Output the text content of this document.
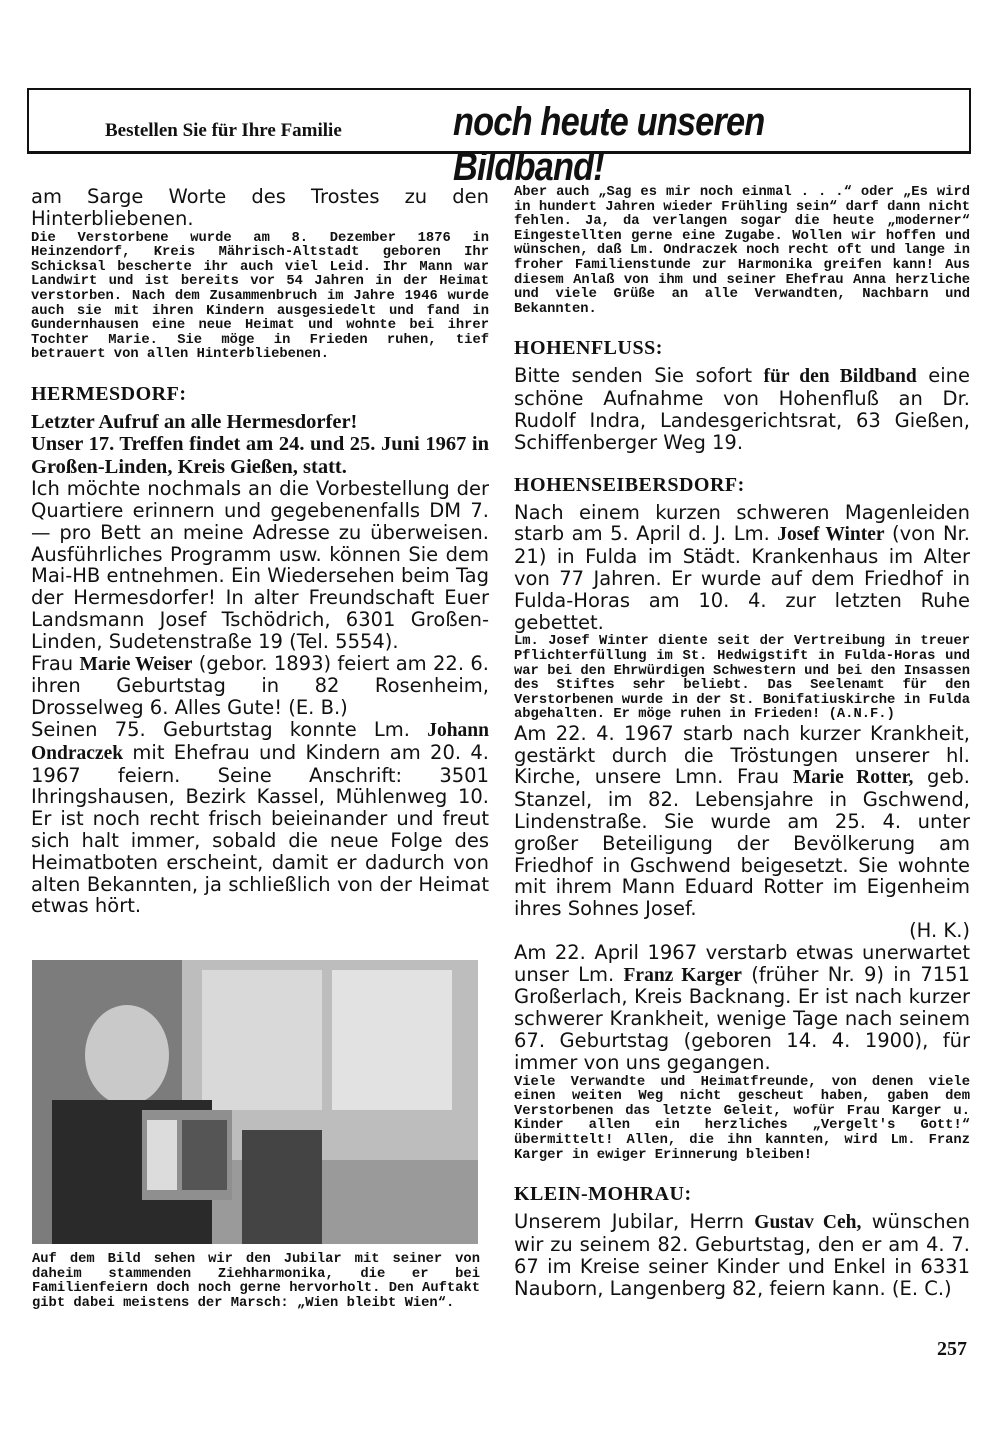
Bestellen Sie für Ihre Familie	noch heute unseren Bildband!

am Sarge Worte des Trostes zu den Hinterbliebenen.

Die Verstorbene wurde am 8. Dezember 1876 in Heinzendorf, Kreis Mährisch-Altstadt geboren Ihr Schicksal bescherte ihr auch viel Leid. Ihr Mann war Landwirt und ist bereits vor 54 Jahren in der Heimat verstorben. Nach dem Zusammenbruch im Jahre 1946 wurde auch sie mit ihren Kindern ausgesiedelt und fand in Gundernhausen eine neue Heimat und wohnte bei ihrer Tochter Marie. Sie möge in Frieden ruhen, tief betrauert von allen Hinterbliebenen.

HERMESDORF:

Letzter Aufruf an alle Hermesdorfer!

Unser 17. Treffen findet am 24. und 25. Juni 1967 in Großen-Linden, Kreis Gießen, statt.

Ich möchte nochmals an die Vorbestellung der Quartiere erinnern und gegebenenfalls DM 7.— pro Bett an meine Adresse zu überweisen. Ausführliches Programm usw. können Sie dem Mai-HB entnehmen. Ein Wiedersehen beim Tag der Hermesdorfer! In alter Freundschaft Euer Landsmann Josef Tschödrich, 6301 Großen-Linden, Sudetenstraße 19 (Tel. 5554).

Frau Marie Weiser (gebor. 1893) feiert am 22. 6. ihren Geburtstag in 82 Rosenheim, Drosselweg 6. Alles Gute! (E. B.)

Seinen 75. Geburtstag konnte Lm. Johann Ondraczek mit Ehefrau und Kindern am 20. 4. 1967 feiern. Seine Anschrift: 3501 Ihringshausen, Bezirk Kassel, Mühlenweg 10. Er ist noch recht frisch beieinander und freut sich halt immer, sobald die neue Folge des Heimatboten erscheint, damit er dadurch von alten Bekannten, ja schließlich von der Heimat etwas hört.

Auf dem Bild sehen wir den Jubilar mit seiner von daheim stammenden Ziehharmonika, die er bei Familienfeiern doch noch gerne hervorholt. Den Auftakt gibt dabei meistens der Marsch: „Wien bleibt Wien“.

Aber auch „Sag es mir noch einmal . . .“ oder „Es wird in hundert Jahren wieder Frühling sein“ darf dann nicht fehlen. Ja, da verlangen sogar die heute „moderner“ Eingestellten gerne eine Zugabe. Wollen wir hoffen und wünschen, daß Lm. Ondraczek noch recht oft und lange in froher Familienstunde zur Harmonika greifen kann! Aus diesem Anlaß von ihm und seiner Ehefrau Anna herzliche und viele Grüße an alle Verwandten, Nachbarn und Bekannten.

HOHENFLUSS:

Bitte senden Sie sofort für den Bildband eine schöne Aufnahme von Hohenfluß an Dr. Rudolf Indra, Landesgerichtsrat, 63 Gießen, Schiffenberger Weg 19.

HOHENSEIBERSDORF:

Nach einem kurzen schweren Magenleiden starb am 5. April d. J. Lm. Josef Winter (von Nr. 21) in Fulda im Städt. Krankenhaus im Alter von 77 Jahren. Er wurde auf dem Friedhof in Fulda-Horas am 10. 4. zur letzten Ruhe gebettet.

Lm. Josef Winter diente seit der Vertreibung in treuer Pflichterfüllung im St. Hedwigstift in Fulda-Horas und war bei den Ehrwürdigen Schwestern und bei den Insassen des Stiftes sehr beliebt. Das Seelenamt für den Verstorbenen wurde in der St. Bonifatiuskirche in Fulda abgehalten. Er möge ruhen in Frieden! (A.N.F.)

Am 22. 4. 1967 starb nach kurzer Krankheit, gestärkt durch die Tröstungen unserer hl. Kirche, unsere Lmn. Frau Marie Rotter, geb. Stanzel, im 82. Lebensjahre in Gschwend, Lindenstraße. Sie wurde am 25. 4. unter großer Beteiligung der Bevölkerung am Friedhof in Gschwend beigesetzt. Sie wohnte mit ihrem Mann Eduard Rotter im Eigenheim ihres Sohnes Josef.

(H. K.)

Am 22. April 1967 verstarb etwas unerwartet unser Lm. Franz Karger (früher Nr. 9) in 7151 Großerlach, Kreis Backnang. Er ist nach kurzer schwerer Krankheit, wenige Tage nach seinem 67. Geburtstag (geboren 14. 4. 1900), für immer von uns gegangen.

Viele Verwandte und Heimatfreunde, von denen viele einen weiten Weg nicht gescheut haben, gaben dem Verstorbenen das letzte Geleit, wofür Frau Karger u. Kinder allen ein herzliches „Vergelt's Gott!“ übermittelt! Allen, die ihn kannten, wird Lm. Franz Karger in ewiger Erinnerung bleiben!

KLEIN-MOHRAU:

Unserem Jubilar, Herrn Gustav Ceh, wünschen wir zu seinem 82. Geburtstag, den er am 4. 7. 67 im Kreise seiner Kinder und Enkel in 6331 Nauborn, Langenberg 82, feiern kann. (E. C.)

257
